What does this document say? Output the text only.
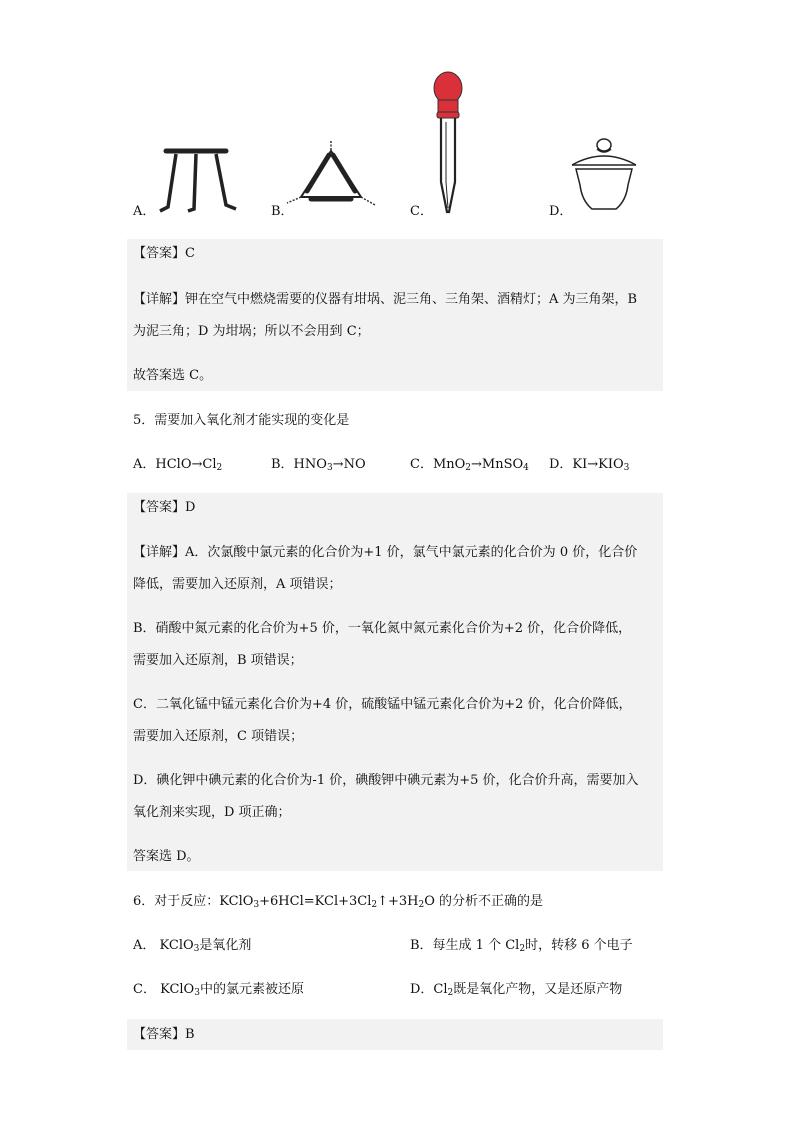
A．	B．	C．	D．
【答案】C
【详解】钾在空气中燃烧需要的仪器有坩埚、泥三角、三角架、酒精灯；A 为三角架，B
为泥三角；D 为坩埚；所以不会用到 C；
故答案选 C。
5．需要加入氧化剂才能实现的变化是
A．$HClO\to Cl_2$	B．$HNO_3\to NO$	C．MnO$_2$→MnSO$_4$ D．$KI\to KIO_3$
【答案】D
【详解】A．次氯酸中氯元素的化合价为+1 价，氯气中氯元素的化合价为 0 价，化合价
降低，需要加入还原剂，A 项错误；
B．硝酸中氮元素的化合价为+5 价，一氧化氮中氮元素化合价为+2 价，化合价降低，
需要加入还原剂，B 项错误；
C．二氧化锰中锰元素化合价为+4 价，硫酸锰中锰元素化合价为+2 价，化合价降低，
需要加入还原剂，C 项错误；
D．碘化钾中碘元素的化合价为-1 价，碘酸钾中碘元素为+5 价，化合价升高，需要加入
氧化剂来实现，D 项正确；
答案选 D。
6．对于反应：$KClO_3+6HCl=KCl+3Cl_2↑+3H_2O$ 的分析不正确的是
A． KClO$_3$是氧化剂	B．每生成 1 个 $Cl_2$时，转移 6 个电子
C． KClO$_3$中的氯元素被还原	D．$Cl_2$既是氧化产物，又是还原产物
【答案】B
